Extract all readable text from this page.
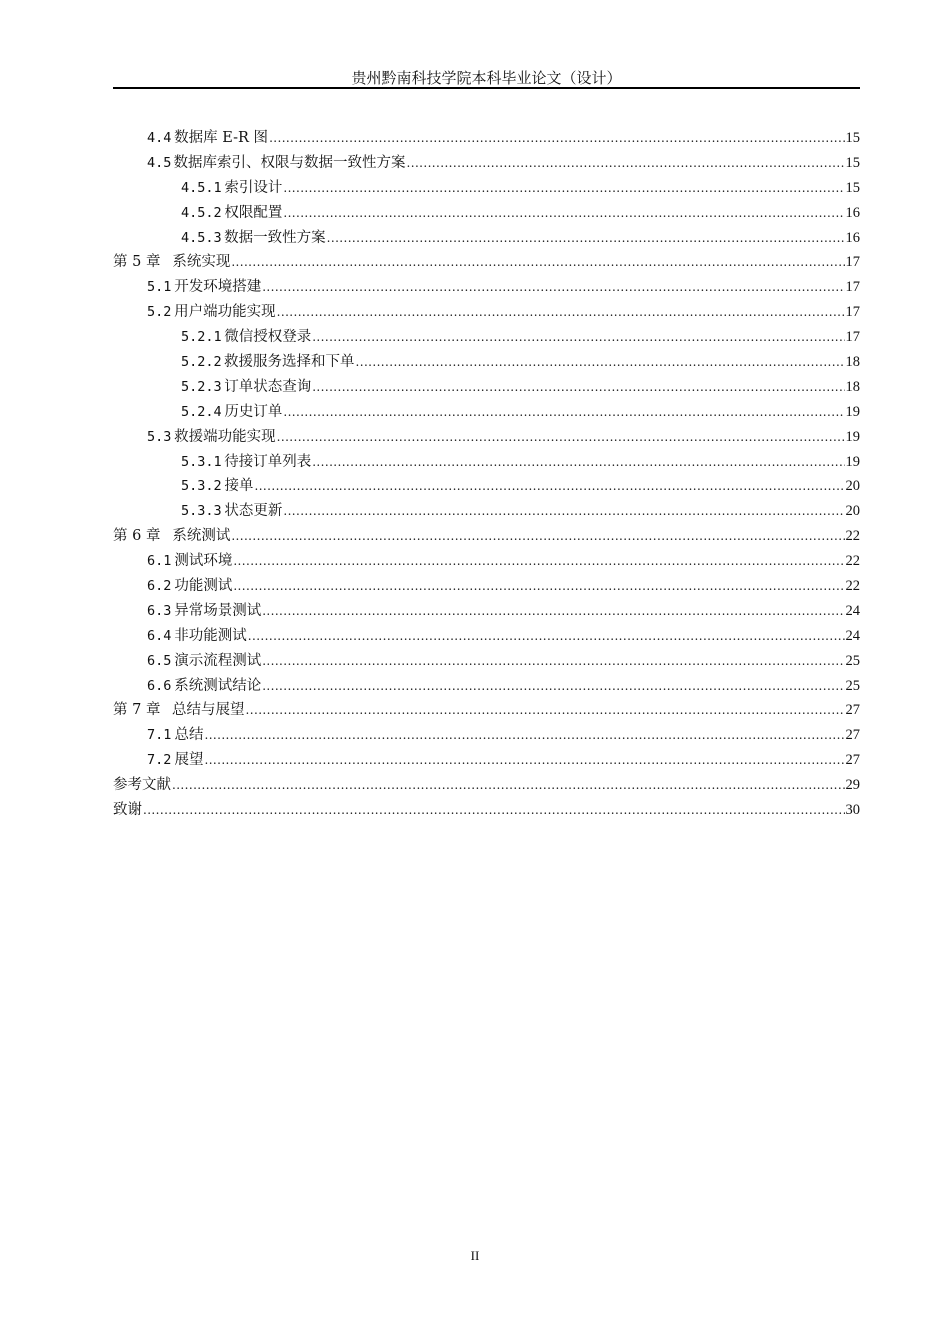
贵州黔南科技学院本科毕业论文（设计）
4.4 数据库 E-R 图 .....	15
4.5 数据库索引、权限与数据一致性方案 .....	15
4.5.1 索引设计 .....	15
4.5.2 权限配置 .....	16
4.5.3 数据一致性方案 .....	16
第 5 章 系统实现 .....	17
5.1 开发环境搭建 .....	17
5.2 用户端功能实现 .....	17
5.2.1 微信授权登录 .....	17
5.2.2 救援服务选择和下单 .....	18
5.2.3 订单状态查询 .....	18
5.2.4 历史订单 .....	19
5.3 救援端功能实现 .....	19
5.3.1 待接订单列表 .....	19
5.3.2 接单 .....	20
5.3.3 状态更新 .....	20
第 6 章 系统测试 .....	22
6.1 测试环境 .....	22
6.2 功能测试 .....	22
6.3 异常场景测试 .....	24
6.4 非功能测试 .....	24
6.5 演示流程测试 .....	25
6.6 系统测试结论 .....	25
第 7 章 总结与展望 .....	27
7.1 总结 .....	27
7.2 展望 .....	27
参考文献 .....	29
致谢 .....	30
II
